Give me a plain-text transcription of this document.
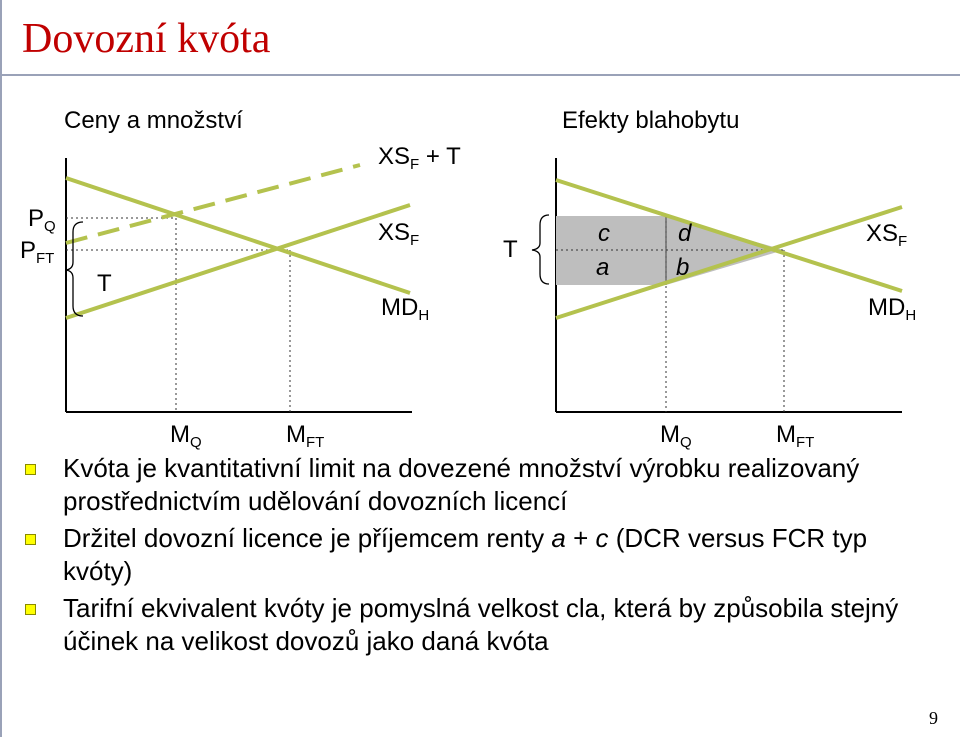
Dovozní kvóta
Ceny a množství
$XS_F + T$
$XS_F$
$MD_H$
$P_Q$
$P_{FT}$
T
$M_Q$	$M_{FT}$
Efekty blahobytu
$XS_F$
$MD_H$
T
c
a
d
b
$M_Q$	$M_{FT}$
Kvóta je kvantitativní limit na dovezené množství výrobku realizovaný prostřednictvím udělování dovozních licencí
Držitel dovozní licence je příjemcem renty a + c (DCR versus FCR typ kvóty)
Tarifní ekvivalent kvóty je pomyslná velkost cla, která by způsobila stejný účinek na velikost dovozů jako daná kvóta
9
